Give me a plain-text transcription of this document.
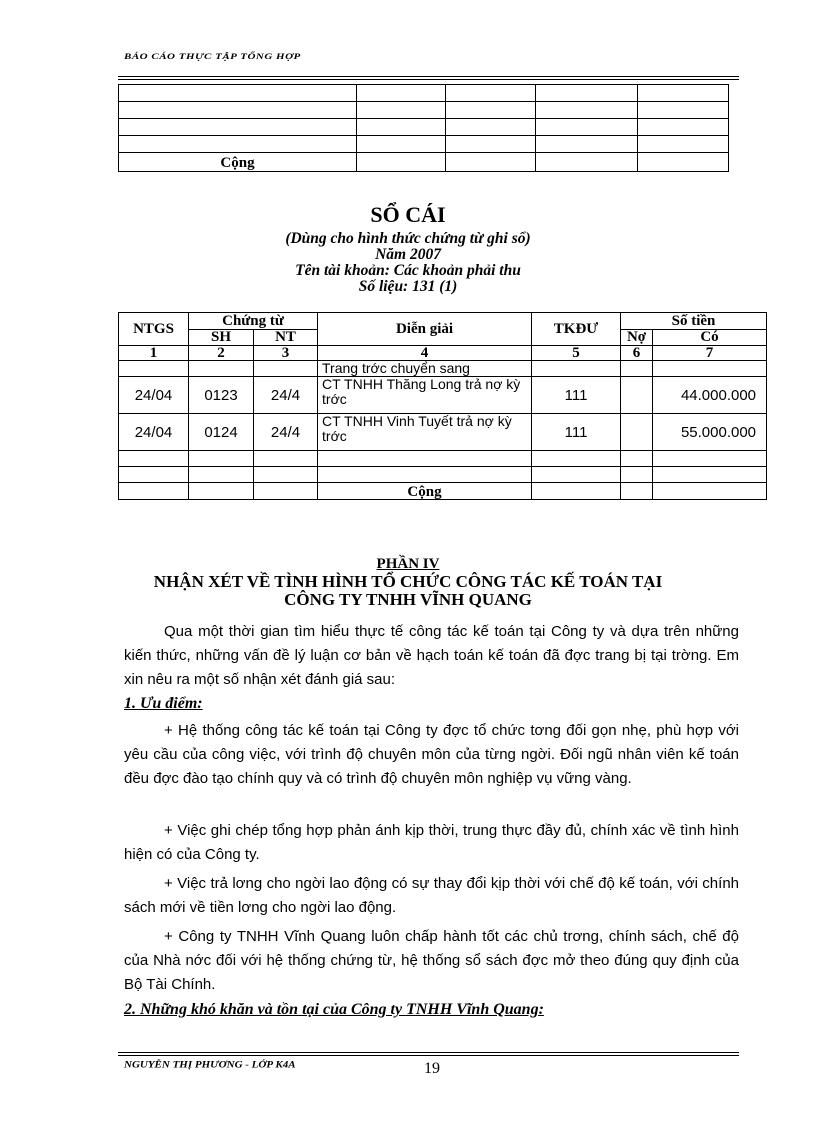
BÁO CÁO THỰC TẬP TỔNG HỢP

Cộng				
SỔ CÁI
(Dùng cho hình thức chứng từ ghi sổ)
Năm 2007
Tên tài khoản: Các khoản phải thu
Số liệu: 131 (1)
NTGS	Chứng từ		Diễn giải	TKĐƯ	Số tiền	
	SH	NT			Nợ	Có
1	2	3	4	5	6	7
			Trang trớc chuyển sang			
24/04	0123	24/4	CT TNHH Thăng Long trả nợ kỳ trớc	111		44.000.000
24/04	0124	24/4	CT TNHH Vinh Tuyết trả nợ kỳ trớc	111		55.000.000

			Cộng			
PHẦN IV
NHẬN XÉT VỀ TÌNH HÌNH TỔ CHỨC CÔNG TÁC KẾ TOÁN TẠI
CÔNG TY TNHH VĨNH QUANG
Qua một thời gian tìm hiểu thực tế công tác kế toán tại Công ty và dựa trên những kiến thức, những vấn đề lý luận cơ bản về hạch toán kế toán đã đợc trang bị tại trờng. Em xin nêu ra một số nhận xét đánh giá sau:
1. Ưu điểm:
+ Hệ thống công tác kế toán tại Công ty đợc tổ chức tơng đối gọn nhẹ, phù hợp với yêu cầu của công việc, với trình độ chuyên môn của từng ngời. Đối ngũ nhân viên kế toán đều đợc đào tạo chính quy và có trình độ chuyên môn nghiệp vụ vững vàng.
+ Việc ghi chép tổng hợp phản ánh kịp thời, trung thực đầy đủ, chính xác về tình hình hiện có của Công ty.
+ Việc trả lơng cho ngời lao động có sự thay đổi kịp thời với chế độ kế toán, với chính sách mới về tiền lơng cho ngời lao động.
+ Công ty TNHH Vĩnh Quang luôn chấp hành tốt các chủ trơng, chính sách, chế độ của Nhà nớc đối với hệ thống chứng từ, hệ thống sổ sách đợc mở theo đúng quy định của Bộ Tài Chính.
2. Những khó khăn và tồn tại của Công ty TNHH Vĩnh Quang:
NGUYỄN THỊ PHƯƠNG - LỚP K4A	19
